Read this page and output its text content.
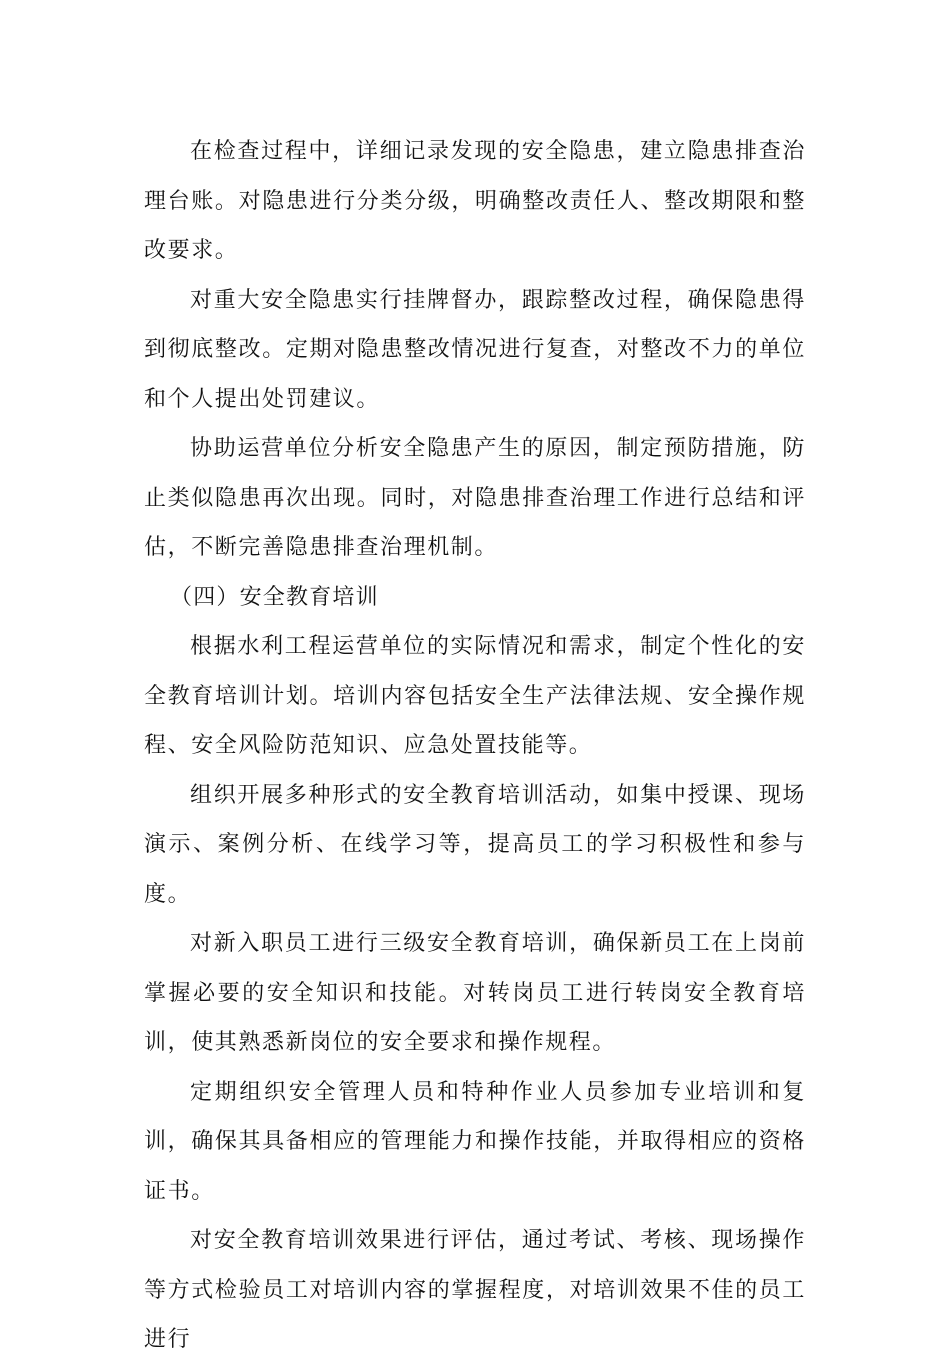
在检查过程中，详细记录发现的安全隐患，建立隐患排查治理台账。对隐患进行分类分级，明确整改责任人、整改期限和整改要求。

对重大安全隐患实行挂牌督办，跟踪整改过程，确保隐患得到彻底整改。定期对隐患整改情况进行复查，对整改不力的单位和个人提出处罚建议。

协助运营单位分析安全隐患产生的原因，制定预防措施，防止类似隐患再次出现。同时，对隐患排查治理工作进行总结和评估，不断完善隐患排查治理机制。

（四）安全教育培训

根据水利工程运营单位的实际情况和需求，制定个性化的安全教育培训计划。培训内容包括安全生产法律法规、安全操作规程、安全风险防范知识、应急处置技能等。

组织开展多种形式的安全教育培训活动，如集中授课、现场演示、案例分析、在线学习等，提高员工的学习积极性和参与度。

对新入职员工进行三级安全教育培训，确保新员工在上岗前掌握必要的安全知识和技能。对转岗员工进行转岗安全教育培训，使其熟悉新岗位的安全要求和操作规程。

定期组织安全管理人员和特种作业人员参加专业培训和复训，确保其具备相应的管理能力和操作技能，并取得相应的资格证书。

对安全教育培训效果进行评估，通过考试、考核、现场操作等方式检验员工对培训内容的掌握程度，对培训效果不佳的员工进行
